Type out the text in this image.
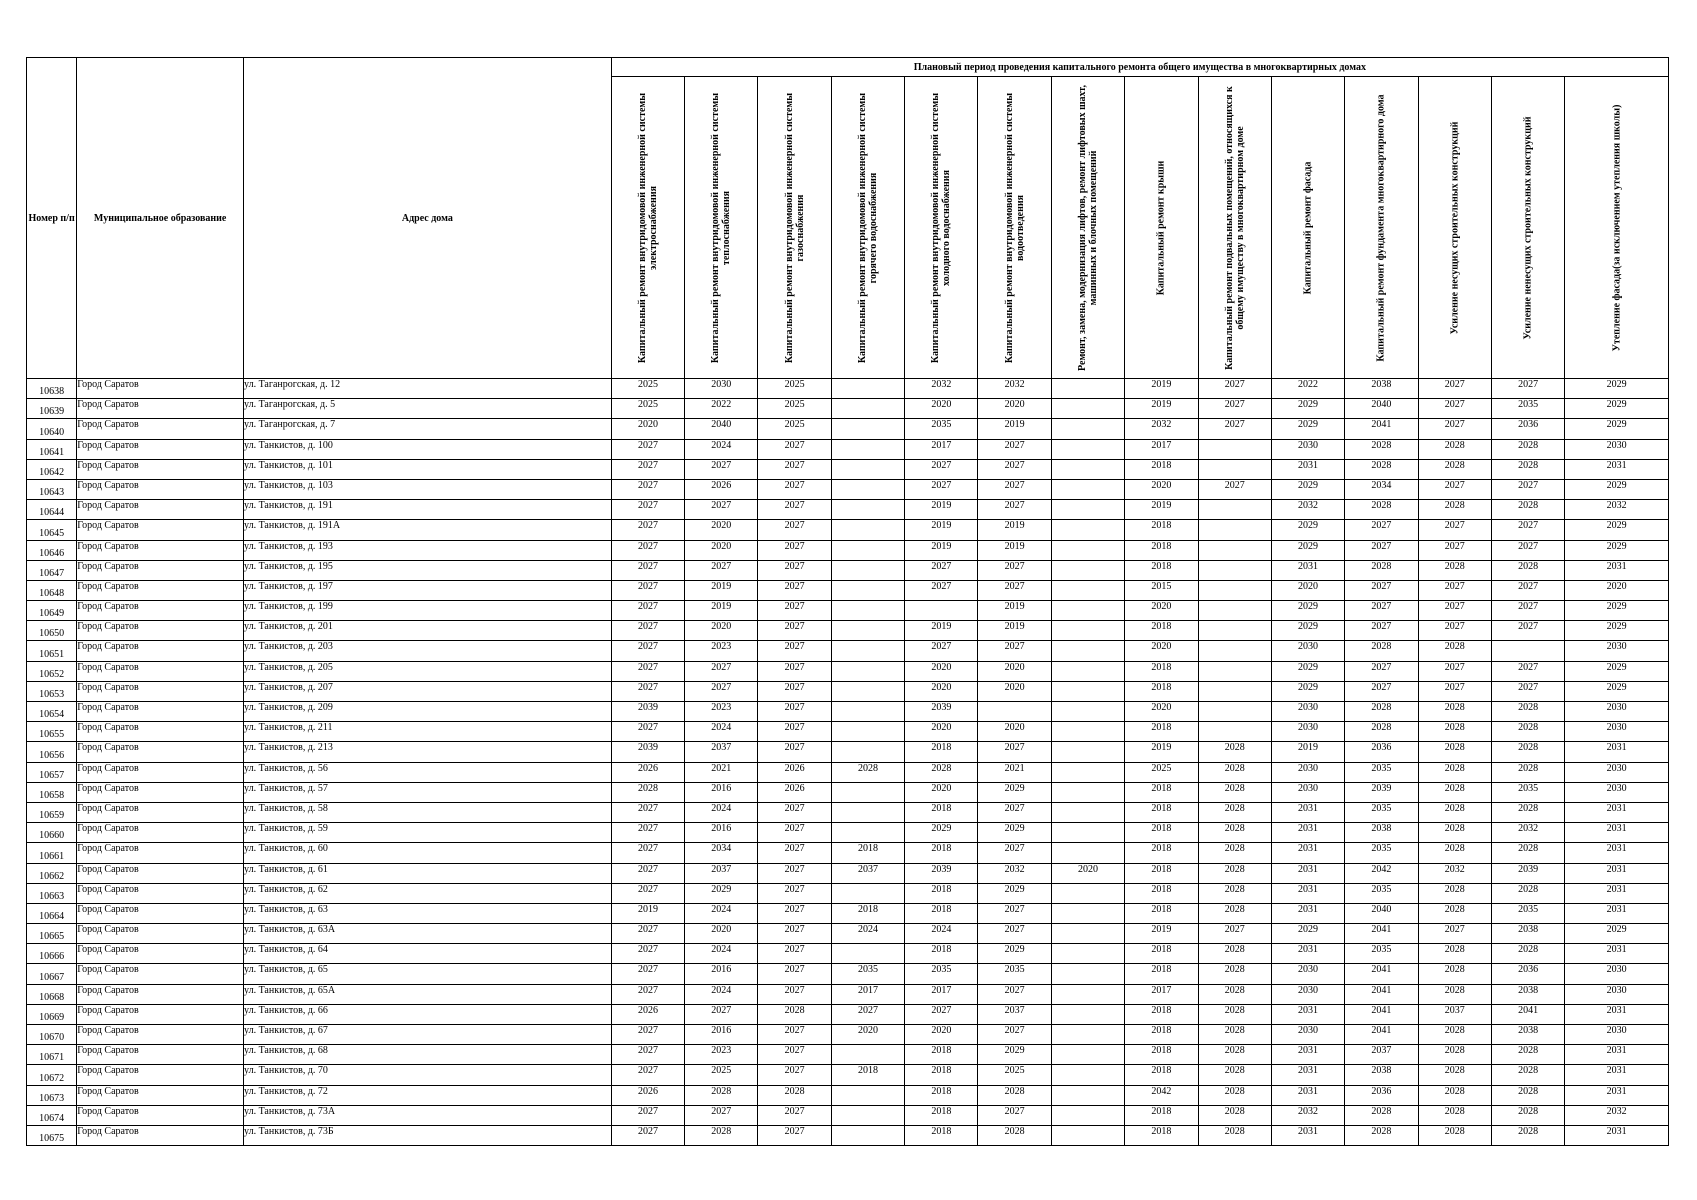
Номер п/п	Муниципальное образование	Адрес дома	Плановый период проведения капитального ремонта общего имущества в многоквартирных домах													

			Капитальный ремонт внутридомовой инженерной системы электроснабжения	Капитальный ремонт внутридомовой инженерной системы теплоснабжения	Капитальный ремонт внутридомовой инженерной системы газоснабжения	Капитальный ремонт внутридомовой инженерной системы горячего водоснабжения	Капитальный ремонт внутридомовой инженерной системы холодного водоснабжения	Капитальный ремонт внутридомовой инженерной системы водоотведения	Ремонт, замена, модернизация лифтов, ремонт лифтовых шахт, машинных и блочных помещений	Капитальный ремонт крыши	Капитальный ремонт подвальных помещений, относящихся к общему имуществу в многоквартирном доме	Капитальный ремонт фасада	Капитальный ремонт фундамента многоквартирного дома	Усиление несущих строительных конструкций	Усиление ненесущих строительных конструкций	Утепление фасада(за исключением утепления школы)

10638	Город Саратов	ул. Таганрогская, д. 12	2025	2030	2025		2032	2032		2019	2027	2022	2038	2027	2027	2029
10639	Город Саратов	ул. Таганрогская, д. 5	2025	2022	2025		2020	2020		2019	2027	2029	2040	2027	2035	2029
10640	Город Саратов	ул. Таганрогская, д. 7	2020	2040	2025		2035	2019		2032	2027	2029	2041	2027	2036	2029
10641	Город Саратов	ул. Танкистов, д. 100	2027	2024	2027		2017	2027		2017		2030	2028	2028	2028	2030
10642	Город Саратов	ул. Танкистов, д. 101	2027	2027	2027		2027	2027		2018		2031	2028	2028	2028	2031
10643	Город Саратов	ул. Танкистов, д. 103	2027	2026	2027		2027	2027		2020	2027	2029	2034	2027	2027	2029
10644	Город Саратов	ул. Танкистов, д. 191	2027	2027	2027		2019	2027		2019		2032	2028	2028	2028	2032
10645	Город Саратов	ул. Танкистов, д. 191А	2027	2020	2027		2019	2019		2018		2029	2027	2027	2027	2029
10646	Город Саратов	ул. Танкистов, д. 193	2027	2020	2027		2019	2019		2018		2029	2027	2027	2027	2029
10647	Город Саратов	ул. Танкистов, д. 195	2027	2027	2027		2027	2027		2018		2031	2028	2028	2028	2031
10648	Город Саратов	ул. Танкистов, д. 197	2027	2019	2027		2027	2027		2015		2020	2027	2027	2027	2020
10649	Город Саратов	ул. Танкистов, д. 199	2027	2019	2027			2019		2020		2029	2027	2027	2027	2029
10650	Город Саратов	ул. Танкистов, д. 201	2027	2020	2027		2019	2019		2018		2029	2027	2027	2027	2029
10651	Город Саратов	ул. Танкистов, д. 203	2027	2023	2027		2027	2027		2020		2030	2028	2028		2030
10652	Город Саратов	ул. Танкистов, д. 205	2027	2027	2027		2020	2020		2018		2029	2027	2027	2027	2029
10653	Город Саратов	ул. Танкистов, д. 207	2027	2027	2027		2020	2020		2018		2029	2027	2027	2027	2029
10654	Город Саратов	ул. Танкистов, д. 209	2039	2023	2027		2039			2020		2030	2028	2028	2028	2030
10655	Город Саратов	ул. Танкистов, д. 211	2027	2024	2027		2020	2020		2018		2030	2028	2028	2028	2030
10656	Город Саратов	ул. Танкистов, д. 213	2039	2037	2027		2018	2027		2019	2028	2019	2036	2028	2028	2031
10657	Город Саратов	ул. Танкистов, д. 56	2026	2021	2026	2028	2028	2021		2025	2028	2030	2035	2028	2028	2030
10658	Город Саратов	ул. Танкистов, д. 57	2028	2016	2026		2020	2029		2018	2028	2030	2039	2028	2035	2030
10659	Город Саратов	ул. Танкистов, д. 58	2027	2024	2027		2018	2027		2018	2028	2031	2035	2028	2028	2031
10660	Город Саратов	ул. Танкистов, д. 59	2027	2016	2027		2029	2029		2018	2028	2031	2038	2028	2032	2031
10661	Город Саратов	ул. Танкистов, д. 60	2027	2034	2027	2018	2018	2027		2018	2028	2031	2035	2028	2028	2031
10662	Город Саратов	ул. Танкистов, д. 61	2027	2037	2027	2037	2039	2032	2020	2018	2028	2031	2042	2032	2039	2031
10663	Город Саратов	ул. Танкистов, д. 62	2027	2029	2027		2018	2029		2018	2028	2031	2035	2028	2028	2031
10664	Город Саратов	ул. Танкистов, д. 63	2019	2024	2027	2018	2018	2027		2018	2028	2031	2040	2028	2035	2031
10665	Город Саратов	ул. Танкистов, д. 63А	2027	2020	2027	2024	2024	2027		2019	2027	2029	2041	2027	2038	2029
10666	Город Саратов	ул. Танкистов, д. 64	2027	2024	2027		2018	2029		2018	2028	2031	2035	2028	2028	2031
10667	Город Саратов	ул. Танкистов, д. 65	2027	2016	2027	2035	2035	2035		2018	2028	2030	2041	2028	2036	2030
10668	Город Саратов	ул. Танкистов, д. 65А	2027	2024	2027	2017	2017	2027		2017	2028	2030	2041	2028	2038	2030
10669	Город Саратов	ул. Танкистов, д. 66	2026	2027	2028	2027	2027	2037		2018	2028	2031	2041	2037	2041	2031
10670	Город Саратов	ул. Танкистов, д. 67	2027	2016	2027	2020	2020	2027		2018	2028	2030	2041	2028	2038	2030
10671	Город Саратов	ул. Танкистов, д. 68	2027	2023	2027		2018	2029		2018	2028	2031	2037	2028	2028	2031
10672	Город Саратов	ул. Танкистов, д. 70	2027	2025	2027	2018	2018	2025		2018	2028	2031	2038	2028	2028	2031
10673	Город Саратов	ул. Танкистов, д. 72	2026	2028	2028		2018	2028		2042	2028	2031	2036	2028	2028	2031
10674	Город Саратов	ул. Танкистов, д. 73А	2027	2027	2027		2018	2027		2018	2028	2032	2028	2028	2028	2032
10675	Город Саратов	ул. Танкистов, д. 73Б	2027	2028	2027		2018	2028		2018	2028	2031	2028	2028	2028	2031
